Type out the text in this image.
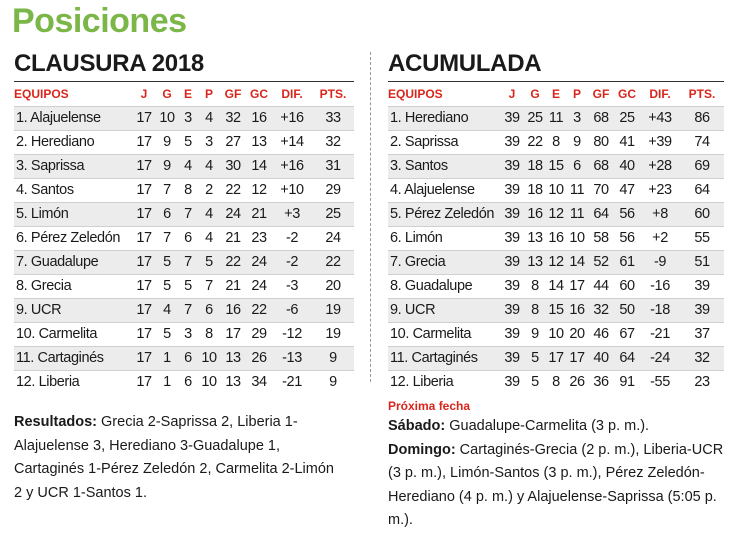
Posiciones
CLAUSURA 2018
EQUIPOS	J	G	E	P	GF	GC	DIF.	PTS.
1. Alajuelense	17	10	3	4	32	16	+16	33
2. Herediano	17	9	5	3	27	13	+14	32
3. Saprissa	17	9	4	4	30	14	+16	31
4. Santos	17	7	8	2	22	12	+10	29
5. Limón	17	6	7	4	24	21	+3	25
6. Pérez Zeledón	17	7	6	4	21	23	-2	24
7. Guadalupe	17	5	7	5	22	24	-2	22
8. Grecia	17	5	5	7	21	24	-3	20
9. UCR	17	4	7	6	16	22	-6	19
10. Carmelita	17	5	3	8	17	29	-12	19
11. Cartaginés	17	1	6	10	13	26	-13	9
12. Liberia	17	1	6	10	13	34	-21	9
ACUMULADA
EQUIPOS	J	G	E	P	GF	GC	DIF.	PTS.
1. Herediano	39	25	11	3	68	25	+43	86
2. Saprissa	39	22	8	9	80	41	+39	74
3. Santos	39	18	15	6	68	40	+28	69
4. Alajuelense	39	18	10	11	70	47	+23	64
5. Pérez Zeledón	39	16	12	11	64	56	+8	60
6. Limón	39	13	16	10	58	56	+2	55
7. Grecia	39	13	12	14	52	61	-9	51
8. Guadalupe	39	8	14	17	44	60	-16	39
9. UCR	39	8	15	16	32	50	-18	39
10. Carmelita	39	9	10	20	46	67	-21	37
11. Cartaginés	39	5	17	17	40	64	-24	32
12. Liberia	39	5	8	26	36	91	-55	23
Resultados: Grecia 2-Saprissa 2, Liberia 1-Alajuelense 3, Herediano 3-Guadalupe 1, Cartaginés 1-Pérez Zeledón 2, Carmelita 2-Limón 2 y UCR 1-Santos 1.
Próxima fecha
Sábado: Guadalupe-Carmelita (3 p. m.).
Domingo: Cartaginés-Grecia (2 p. m.), Liberia-UCR (3 p. m.), Limón-Santos (3 p. m.), Pérez Zeledón-Herediano (4 p. m.) y Alajuelense-Saprissa (5:05 p. m.).
